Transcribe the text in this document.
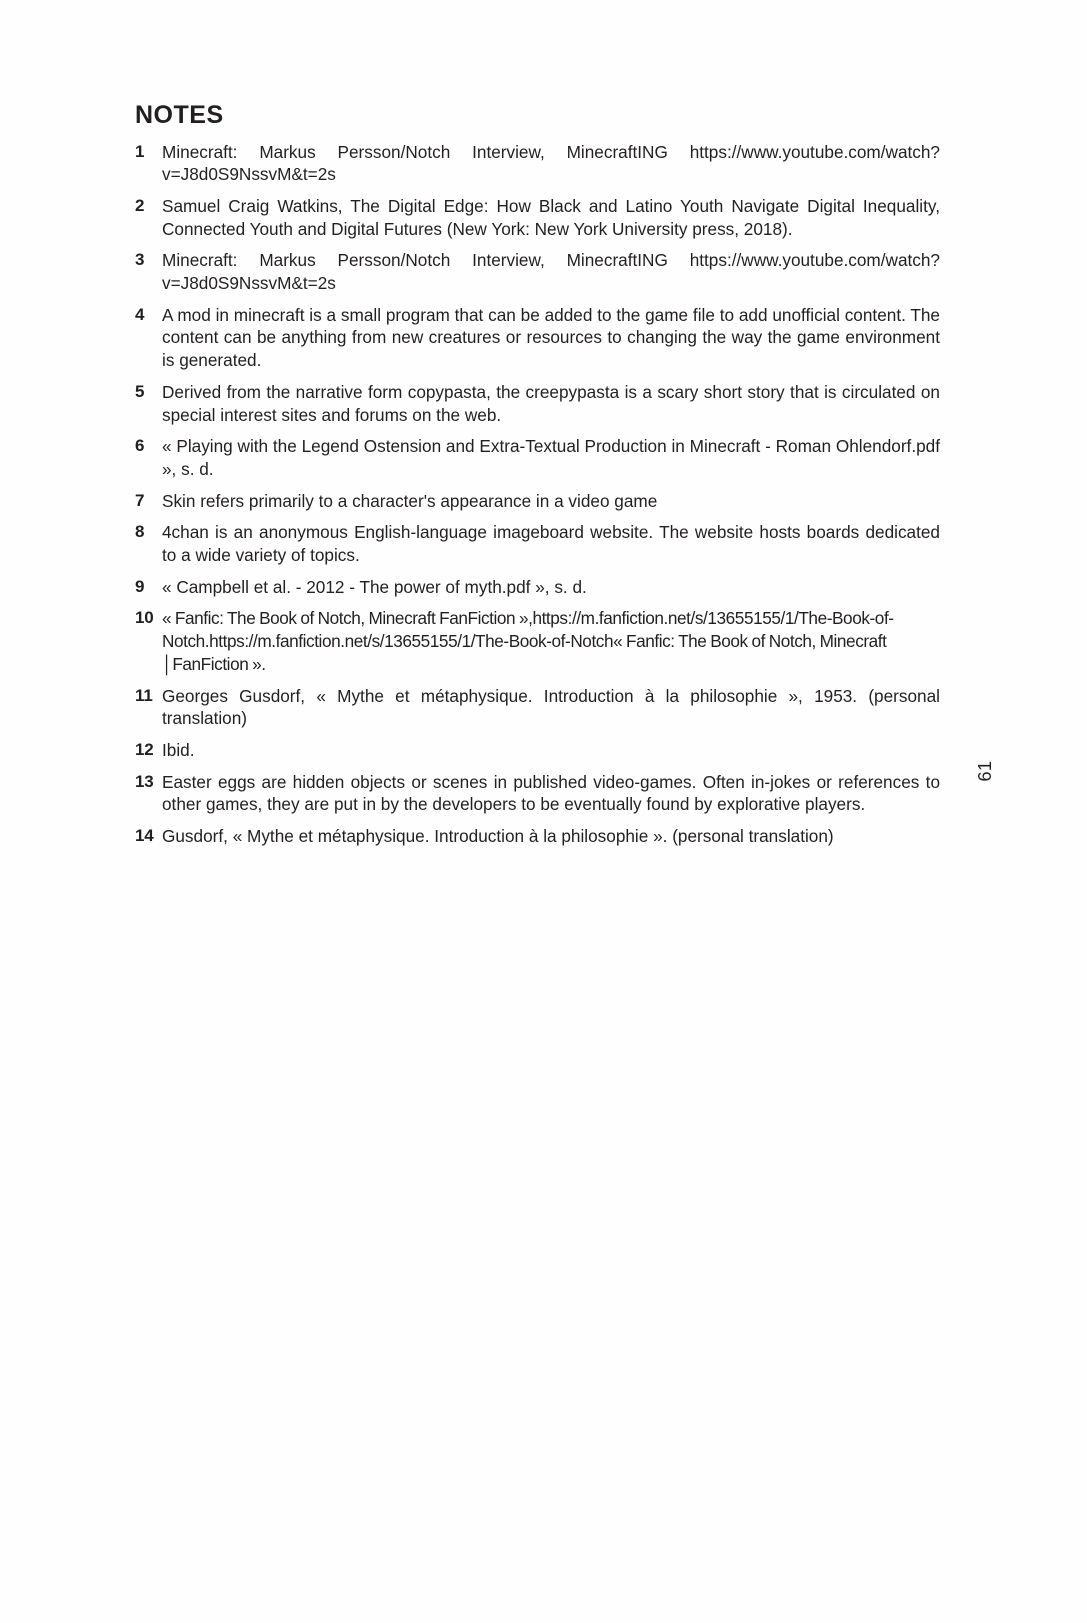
NOTES
1	Minecraft: Markus Persson/Notch Interview, MinecraftING https://www.youtube.com/watch?v=J8d0S9NssvM&t=2s
2	Samuel Craig Watkins, The Digital Edge: How Black and Latino Youth Navigate Digital Inequality, Connected Youth and Digital Futures (New York: New York University press, 2018).
3	Minecraft: Markus Persson/Notch Interview, MinecraftING https://www.youtube.com/watch?v=J8d0S9NssvM&t=2s
4	A mod in minecraft is a small program that can be added to the game file to add unofficial content. The content can be anything from new creatures or resources to changing the way the game environment is generated.
5	Derived from the narrative form copypasta, the creepypasta is a scary short story that is circulated on special interest sites and forums on the web.
6	« Playing with the Legend Ostension and Extra-Textual Production in Minecraft - Roman Ohlendorf.pdf », s. d.
7	Skin refers primarily to a character's appearance in a video game
8	4chan is an anonymous English-language imageboard website. The website hosts boards dedicated to a wide variety of topics.
9	« Campbell et al. ‑ 2012 ‑ The power of myth.pdf », s. d.
10 « Fanfic: The Book of Notch, Minecraft FanFiction »,https://m.fanfiction.net/s/13655155/1/The-Book-of-Notch.https://m.fanfiction.net/s/13655155/1/The-Book-of-Notch« Fanfic: The Book of Notch, Minecraft │FanFiction ».
11 Georges Gusdorf, « Mythe et métaphysique. Introduction à la philosophie », 1953. (personal translation)
12 Ibid.
13 Easter eggs are hidden objects or scenes in published video-games. Often in-jokes or references to other games, they are put in by the developers to be eventually found by explorative players.
14 Gusdorf, « Mythe et métaphysique. Introduction à la philosophie ». (personal translation)
61
